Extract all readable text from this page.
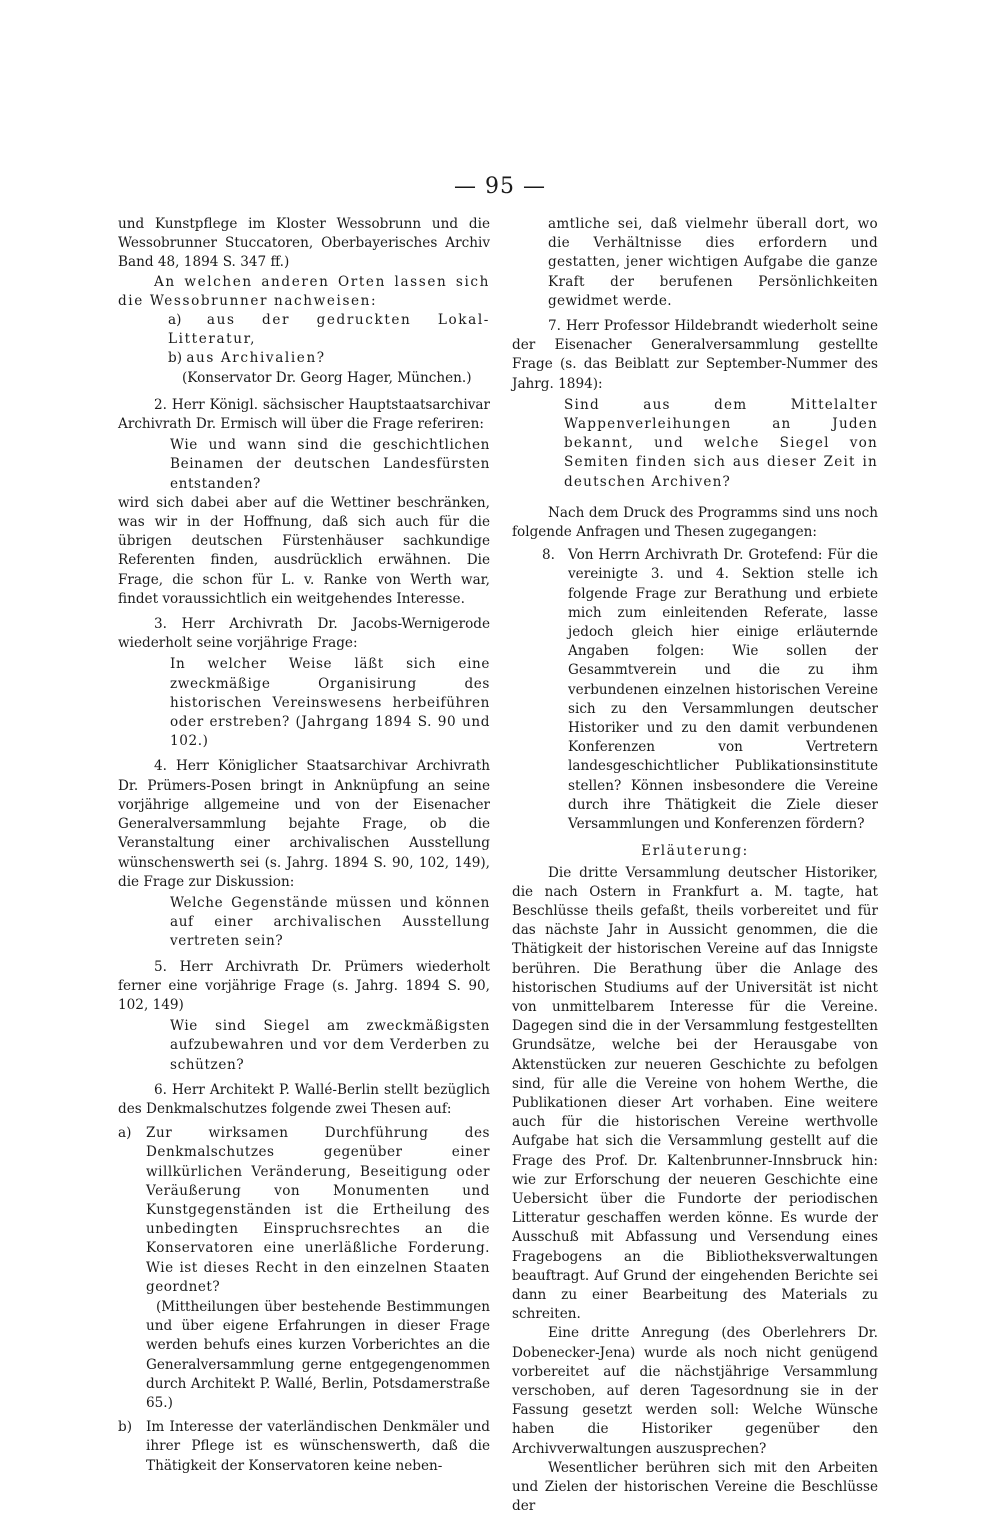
— 95 —

und Kunstpflege im Kloster Wessobrunn und die Wessobrunner Stuccatoren, Oberbayerisches Archiv Band 48, 1894 S. 347 ff.)

An welchen anderen Orten lassen sich die Wessobrunner nachweisen:

a) aus der gedruckten Lokal-Litteratur,

b) aus Archivalien?

(Konservator Dr. Georg Hager, München.)

2. Herr Königl. sächsischer Hauptstaatsarchivar Archivrath Dr. Ermisch will über die Frage referiren:

Wie und wann sind die geschichtlichen Beinamen der deutschen Landesfürsten entstanden?

wird sich dabei aber auf die Wettiner beschränken, was wir in der Hoffnung, daß sich auch für die übrigen deutschen Fürstenhäuser sachkundige Referenten finden, ausdrücklich erwähnen. Die Frage, die schon für L. v. Ranke von Werth war, findet voraussichtlich ein weitgehendes Interesse.

3. Herr Archivrath Dr. Jacobs-Wernigerode wiederholt seine vorjährige Frage:

In welcher Weise läßt sich eine zweckmäßige Organisirung des historischen Vereinswesens herbeiführen oder erstreben? (Jahrgang 1894 S. 90 und 102.)

4. Herr Königlicher Staatsarchivar Archivrath Dr. Prümers-Posen bringt in Anknüpfung an seine vorjährige allgemeine und von der Eisenacher Generalversammlung bejahte Frage, ob die Veranstaltung einer archivalischen Ausstellung wünschenswerth sei (s. Jahrg. 1894 S. 90, 102, 149), die Frage zur Diskussion:

Welche Gegenstände müssen und können auf einer archivalischen Ausstellung vertreten sein?

5. Herr Archivrath Dr. Prümers wiederholt ferner eine vorjährige Frage (s. Jahrg. 1894 S. 90, 102, 149)

Wie sind Siegel am zweckmäßigsten aufzubewahren und vor dem Verderben zu schützen?

6. Herr Architekt P. Wallé-Berlin stellt bezüglich des Denkmalschutzes folgende zwei Thesen auf:

a)	Zur wirksamen Durchführung des Denkmalschutzes gegenüber einer willkürlichen Veränderung, Beseitigung oder Veräußerung von Monumenten und Kunstgegenständen ist die Ertheilung des unbedingten Einspruchsrechtes an die Konservatoren eine unerläßliche Forderung. Wie ist dieses Recht in den einzelnen Staaten geordnet?

(Mittheilungen über bestehende Bestimmungen und über eigene Erfahrungen in dieser Frage werden behufs eines kurzen Vorberichtes an die Generalversammlung gerne entgegengenommen durch Architekt P. Wallé, Berlin, Potsdamerstraße 65.)

b)	Im Interesse der vaterländischen Denkmäler und ihrer Pflege ist es wünschenswerth, daß die Thätigkeit der Konservatoren keine neben-

amtliche sei, daß vielmehr überall dort, wo die Verhältnisse dies erfordern und gestatten, jener wichtigen Aufgabe die ganze Kraft der berufenen Persönlichkeiten gewidmet werde.

7. Herr Professor Hildebrandt wiederholt seine der Eisenacher Generalversammlung gestellte Frage (s. das Beiblatt zur September-Nummer des Jahrg. 1894):

Sind aus dem Mittelalter Wappenverleihungen an Juden bekannt, und welche Siegel von Semiten finden sich aus dieser Zeit in deutschen Archiven?

Nach dem Druck des Programms sind uns noch folgende Anfragen und Thesen zugegangen:

8. Von Herrn Archivrath Dr. Grotefend: Für die vereinigte 3. und 4. Sektion stelle ich folgende Frage zur Berathung und erbiete mich zum einleitenden Referate, lasse jedoch gleich hier einige erläuternde Angaben folgen: Wie sollen der Gesammtverein und die zu ihm verbundenen einzelnen historischen Vereine sich zu den Versammlungen deutscher Historiker und zu den damit verbundenen Konferenzen von Vertretern landesgeschichtlicher Publikationsinstitute stellen? Können insbesondere die Vereine durch ihre Thätigkeit die Ziele dieser Versammlungen und Konferenzen fördern?

Erläuterung:

Die dritte Versammlung deutscher Historiker, die nach Ostern in Frankfurt a. M. tagte, hat Beschlüsse theils gefaßt, theils vorbereitet und für das nächste Jahr in Aussicht genommen, die die Thätigkeit der historischen Vereine auf das Innigste berühren. Die Berathung über die Anlage des historischen Studiums auf der Universität ist nicht von unmittelbarem Interesse für die Vereine. Dagegen sind die in der Versammlung festgestellten Grundsätze, welche bei der Herausgabe von Aktenstücken zur neueren Geschichte zu befolgen sind, für alle die Vereine von hohem Werthe, die Publikationen dieser Art vorhaben. Eine weitere auch für die historischen Vereine werthvolle Aufgabe hat sich die Versammlung gestellt auf die Frage des Prof. Dr. Kaltenbrunner-Innsbruck hin: wie zur Erforschung der neueren Geschichte eine Uebersicht über die Fundorte der periodischen Litteratur geschaffen werden könne. Es wurde der Ausschuß mit Abfassung und Versendung eines Fragebogens an die Bibliotheksverwaltungen beauftragt. Auf Grund der eingehenden Berichte sei dann zu einer Bearbeitung des Materials zu schreiten.

Eine dritte Anregung (des Oberlehrers Dr. Dobenecker-Jena) wurde als noch nicht genügend vorbereitet auf die nächstjährige Versammlung verschoben, auf deren Tagesordnung sie in der Fassung gesetzt werden soll: Welche Wünsche haben die Historiker gegenüber den Archivverwaltungen auszusprechen?

Wesentlicher berühren sich mit den Arbeiten und Zielen der historischen Vereine die Beschlüsse der
